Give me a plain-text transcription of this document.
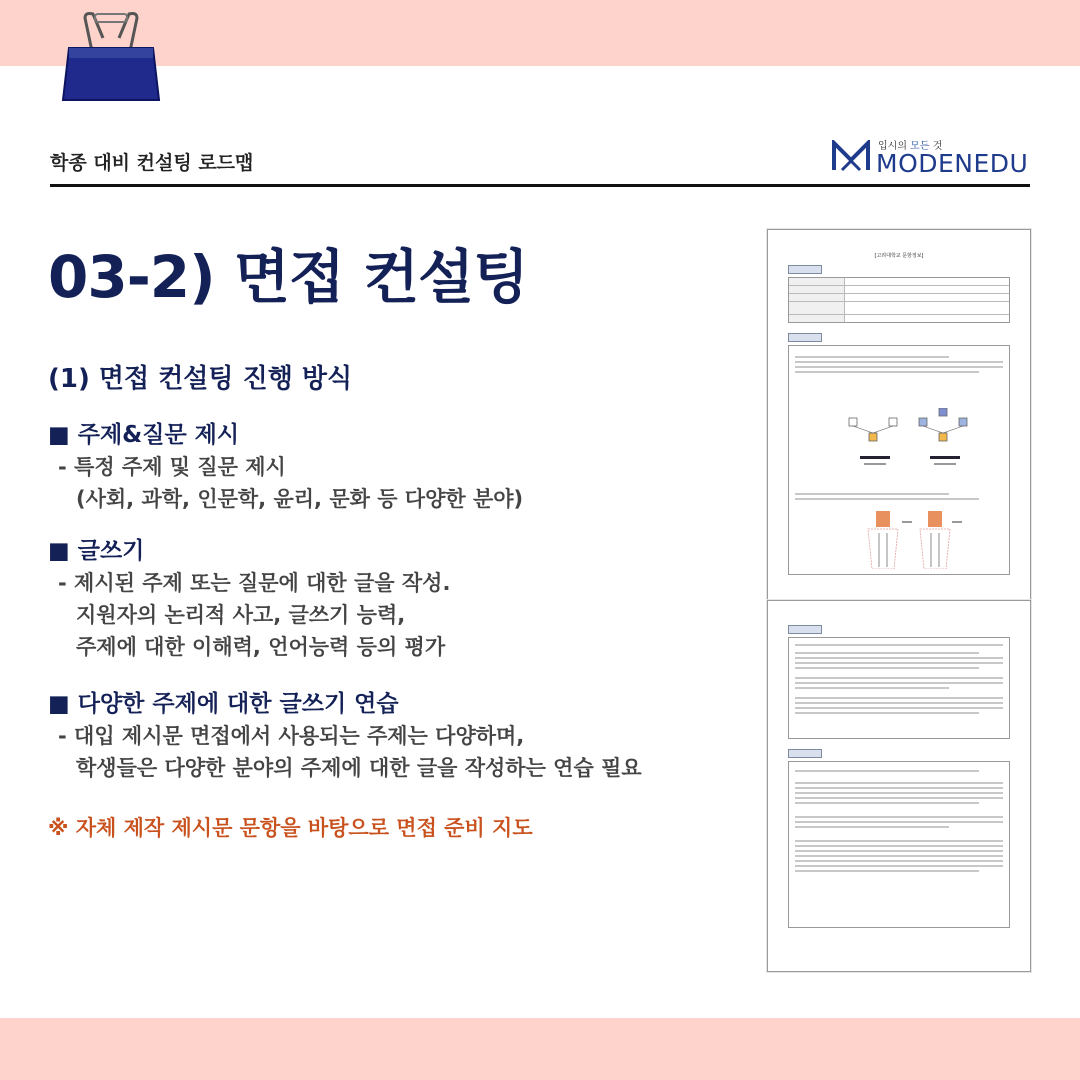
학종 대비 컨설팅 로드맵
입시의 모든 것
MODENEDU
03-2) 면접 컨설팅
(1) 면접 컨설팅 진행 방식
■ 주제&질문 제시
- 특정 주제 및 질문 제시
(사회, 과학, 인문학, 윤리, 문화 등 다양한 분야)
■ 글쓰기
- 제시된 주제 또는 질문에 대한 글을 작성.
지원자의 논리적 사고, 글쓰기 능력,
주제에 대한 이해력, 언어능력 등의 평가
■ 다양한 주제에 대한 글쓰기 연습
- 대입 제시문 면접에서 사용되는 주제는 다양하며,
학생들은 다양한 분야의 주제에 대한 글을 작성하는 연습 필요
※ 자체 제작 제시문 문항을 바탕으로 면접 준비 지도
[고려대학교 문항정보]
